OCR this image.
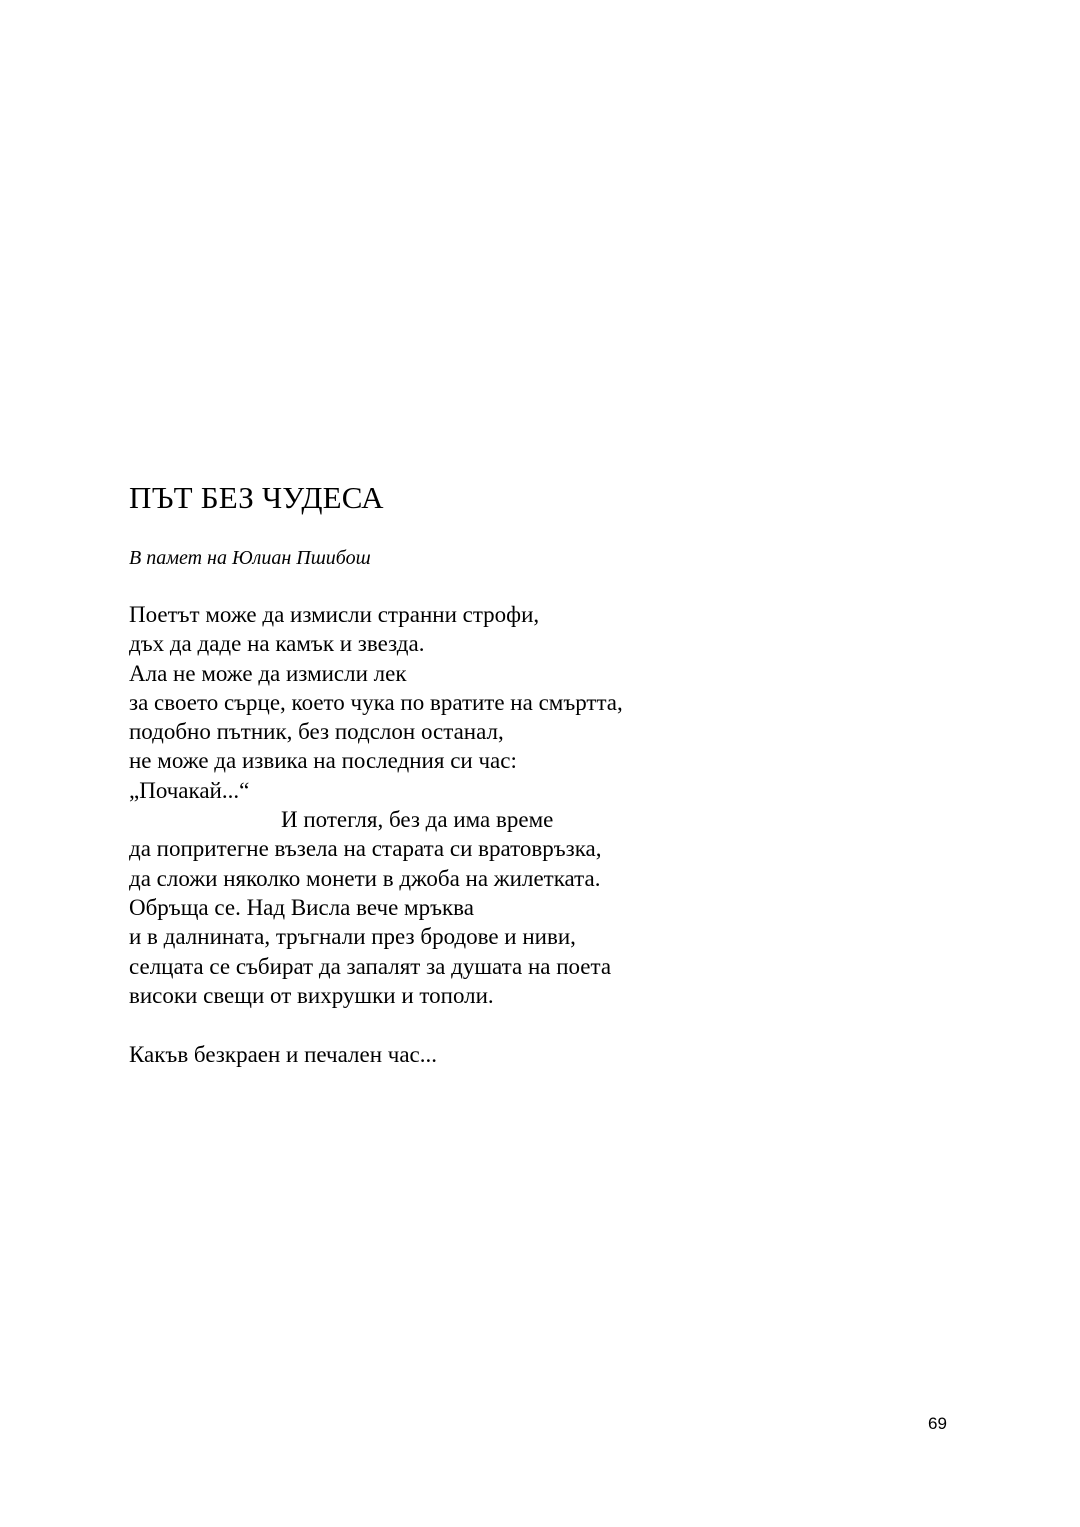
ПЪТ БЕЗ ЧУДЕСА

В памет на Юлиан Пшибош

Поетът може да измисли странни строфи,
дъх да даде на камък и звезда.
Ала не може да измисли лек
за своето сърце, което чука по вратите на смъртта,
подобно пътник, без подслон останал,
не може да извика на последния си час:
„Почакай...“
И потегля, без да има време
да попритегне възела на старата си вратовръзка,
да сложи няколко монети в джоба на жилетката.
Обръща се. Над Висла вече мръква
и в далнината, тръгнали през бродове и ниви,
селцата се събират да запалят за душата на поета
високи свещи от вихрушки и тополи.
Какъв безкраен и печален час...
69
